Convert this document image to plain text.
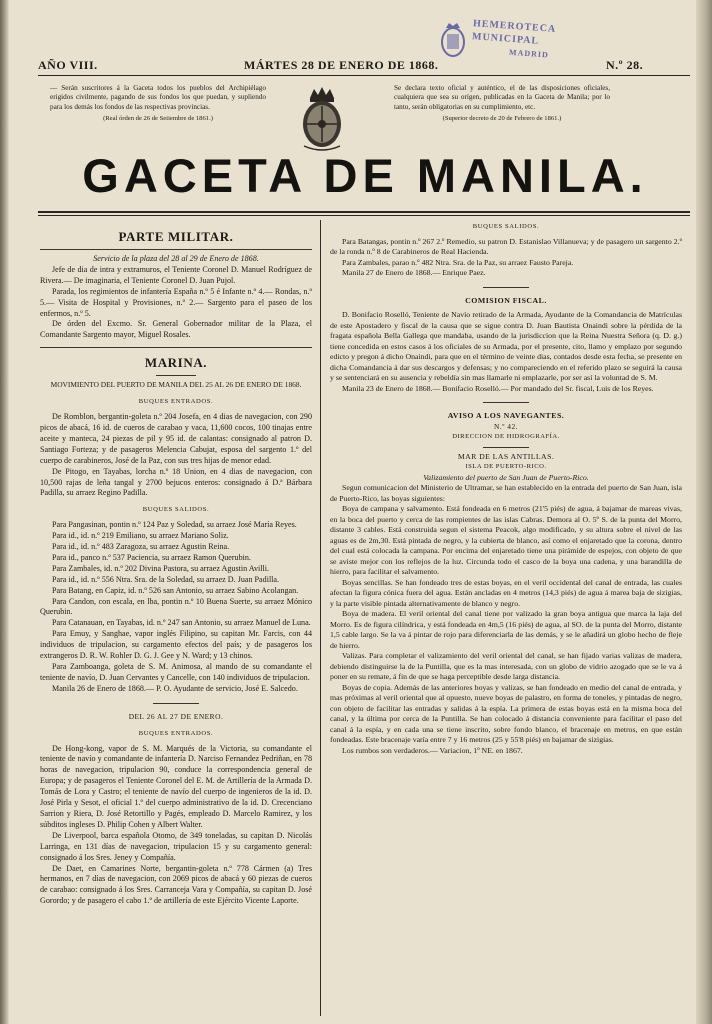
HEMEROTECA
MUNICIPAL
MADRID
AÑO VIII.	MÁRTES 28 DE ENERO DE 1868.	N.º 28.
— Serán suscritores á la Gaceta todos los pueblos del Archipiélago erigidos civilmente, pagando de sus fondos los que puedan, y supliendo para los demás los fondos de las respectivas provincias.
(Real órden de 26 de Setiembre de 1861.)
Se declara texto oficial y auténtico, el de las disposiciones oficiales, cualquiera que sea su orígen, publicadas en la Gaceta de Manila; por lo tanto, serán obligatorias en su cumplimiento, etc.
(Superior decreto de 20 de Febrero de 1861.)
GACETA DE MANILA.
PARTE MILITAR.

Servicio de la plaza del 28 al 29 de Enero de 1868.

Jefe de dia de intra y extramuros, el Teniente Coronel D. Manuel Rodríguez de Rivera.— De imaginaria, el Teniente Coronel D. Juan Pujol.

Parada, los regimientos de infantería España n.º 5 é Infante n.º 4.— Rondas, n.º 5.— Visita de Hospital y Provisiones, n.º 2.— Sargento para el paseo de los enfermos, n.º 5.

De órden del Excmo. Sr. General Gobernador militar de la Plaza, el Comandante Sargento mayor, Miguel Rosales.

MARINA.

MOVIMIENTO DEL PUERTO DE MANILA DEL 25 AL 26 DE ENERO DE 1868.

BUQUES ENTRADOS.

De Romblon, bergantin-goleta n.º 204 Josefa, en 4 dias de navegacion, con 290 picos de abacá, 16 id. de cueros de carabao y vaca, 11,600 cocos, 100 tinajas entre aceite y manteca, 24 piezas de pil y 95 id. de calantas: consignado al patron D. Santiago Forteza; y de pasageros Melencia Cabujat, esposa del sargento 1.º del cuerpo de carabineros, José de la Paz, con sus tres hijas de menor edad.

De Pitogo, en Tayabas, lorcha n.º 18 Union, en 4 dias de navegacion, con 10,500 rajas de leña tangal y 2700 bejucos enteros: consignado á D.ª Bárbara Padilla, su arraez Regino Padilla.

BUQUES SALIDOS.

Para Pangasinan, pontin n.º 124 Paz y Soledad, su arraez José María Reyes.

Para id., id. n.º 219 Emiliano, su arraez Mariano Soliz.

Para id., id. n.º 483 Zaragoza, su arraez Agustin Reina.

Para id., panco n.º 537 Paciencia, su arraez Ramon Querubin.

Para Zambales, id. n.º 202 Divina Pastora, su arraez Agustin Avilli.

Para id., id. n.º 556 Ntra. Sra. de la Soledad, su arraez D. Juan Padilla.

Para Batang, en Capiz, id. n.º 526 san Antonio, su arraez Sabino Acolangan.

Para Candon, con escala, en lba, pontin n.º 10 Buena Suerte, su arraez Mónico Querubin.

Para Catanauan, en Tayabas, id. n.º 247 san Antonio, su arraez Manuel de Luna.

Para Emuy, y Sanghae, vapor inglés Filipino, su capitan Mr. Farcis, con 44 individuos de tripulacion, su cargamento efectos del país; y de pasageros los extrangeros D. R. W. Rohler D. G. J. Gee y N. Ward; y 13 chinos.

Para Zamboanga, goleta de S. M. Animosa, al mando de su comandante el teniente de navío, D. Juan Cervantes y Cancelle, con 140 individuos de tripulacion.

Manila 26 de Enero de 1868.— P. O. Ayudante de servicio, José E. Salcedo.

DEL 26 AL 27 DE ENERO.

BUQUES ENTRADOS.

De Hong-kong, vapor de S. M. Marqués de la Victoria, su comandante el teniente de navío y comandante de infantería D. Narciso Fernandez Pedriñan, en 78 horas de navegacion, tripulacion 90, conduce la correspondencia general de Europa; y de pasageros el Teniente Coronel del E. M. de Artillería de la Armada D. Tomás de Lora y Castro; el teniente de navío del cuerpo de ingenieros de la id. D. José Pirla y Sesot, el oficial 1.º del cuerpo administrativo de la id. D. Crecenciano Sarrion y Riera, D. José Retortillo y Pagés, empleado D. Marcelo Ramirez, y los súbditos ingleses D. Philip Cohen y Albert Walter.

De Liverpool, barca española Otomo, de 349 toneladas, su capitan D. Nicolás Larringa, en 131 días de navegacion, tripulacion 15 y su cargamento general: consignado á los Sres. Jeney y Compañía.

De Daet, en Camarines Norte, bergantin-goleta n.º 778 Cármen (a) Tres hermanos, en 7 días de navegacion, con 2069 picos de abacá y 60 piezas de cueros de carabao: consignado á los Sres. Carranceja Vara y Compañía, su capitan D. José Gorordo; y de pasagero el cabo 1.º de artillería de este Ejército Vicente Laporte.

BUQUES SALIDOS.

Para Batangas, pontin n.º 267 2.º Remedio, su patron D. Estanislao Villanueva; y de pasagero un sargento 2.º de la ronda n.º 8 de Carabineros de Real Hacienda.

Para Zambales, parao n.º 482 Ntra. Sra. de la Paz, su arraez Fausto Pareja.

Manila 27 de Enero de 1868.— Enrique Paez.

COMISION FISCAL.

D. Bonifacio Roselló, Teniente de Navío retirado de la Armada, Ayudante de la Comandancia de Matrículas de este Apostadero y fiscal de la causa que se sigue contra D. Juan Bautista Onaindi sobre la pérdida de la fragata española Bella Gallega que mandaba, usando de la jurisdiccion que la Reina Nuestra Señora (q. D. g.) tiene concedida en estos casos á los oficiales de su Armada, por el presente, cito, llamo y emplazo por segundo edicto y pregon á dicho Onaindi, para que en el término de veinte dias, contados desde esta fecha, se presente en dicha Comandancia á dar sus descargos y defensas; y no compareciendo en el referido plazo se seguirá la causa y se sentenciará en su ausencia y rebeldía sin mas llamarle ni emplazarle, por ser así la voluntad de S. M.

Manila 23 de Enero de 1868.— Bonifacio Roselló.— Por mandado del Sr. fiscal, Luis de los Reyes.

AVISO A LOS NAVEGANTES.

N.º 42.

DIRECCION DE HIDROGRAFÍA.

MAR DE LAS ANTILLAS.

ISLA DE PUERTO-RICO.

Valizamiento del puerto de San Juan de Puerto-Rico.

Segun comunicacion del Ministerio de Ultramar, se han establecido en la entrada del puerto de San Juan, isla de Puerto-Rico, las boyas siguientes:

Boya de campana y salvamento. Está fondeada en 6 metros (21'5 piés) de agua, á bajamar de mareas vivas, en la boca del puerto y cerca de las rompientes de las islas Cabras. Demora al O. 5º S. de la punta del Morro, distante 3 cables. Está construida segun el sistema Peacok, algo modificado, y su altura sobre el nivel de las aguas es de 2m,30. Está pintada de negro, y la cubierta de blanco, así como el enjaretado que la corona, dentro del cual está colocada la campana. Por encima del enjaretado tiene una pirámide de espejos, con objeto de que se aviste mejor con los reflejos de la luz. Circunda todo el casco de la boya una cadena, y una barandilla de hierro, para facilitar el salvamento.

Boyas sencillas. Se han fondeado tres de estas boyas, en el veril occidental del canal de entrada, las cuales afectan la figura cónica fuera del agua. Están ancladas en 4 metros (14,3 piés) de agua á marea baja de sizigias, y la parte visible pintada alternativamente de blanco y negro.

Boya de madera. El veril oriental del canal tiene por valizado la gran boya antigua que marca la laja del Morro. Es de figura cilíndrica, y está fondeada en 4m,5 (16 piés) de agua, al SO. de la punta del Morro, distante 1,5 cable largo. Se la va á pintar de rojo para diferenciarla de las demás, y se le añadirá un globo hecho de fleje de hierro.

Valizas. Para completar el valizamiento del veril oriental del canal, se han fijado varias valizas de madera, debiendo distinguirse la de la Puntilla, que es la mas interesada, con un globo de vidrio azogado que se le va á poner en su remate, á fin de que se haga perceptible desde larga distancia.

Boyas de copia. Además de las anteriores boyas y valizas, se han fondeado en medio del canal de entrada, y mas próximas al veril oriental que al opuesto, nueve boyas de palastro, en forma de toneles, y pintadas de negro, con objeto de facilitar las entradas y salidas á la espía. La primera de estas boyas está en la misma boca del canal, y la última por cerca de la Puntilla. Se han colocado á distancia conveniente para facilitar el paso del canal á la espía, y en cada una se tiene inscrito, sobre fondo blanco, el bracenaje en metros, en que están fondeadas. Este bracenaje varía entre 7 y 16 metros (25 y 55'8 piés) en bajamar de sizigias.

Los rumbos son verdaderos.— Variacion, 1º NE. en 1867.
